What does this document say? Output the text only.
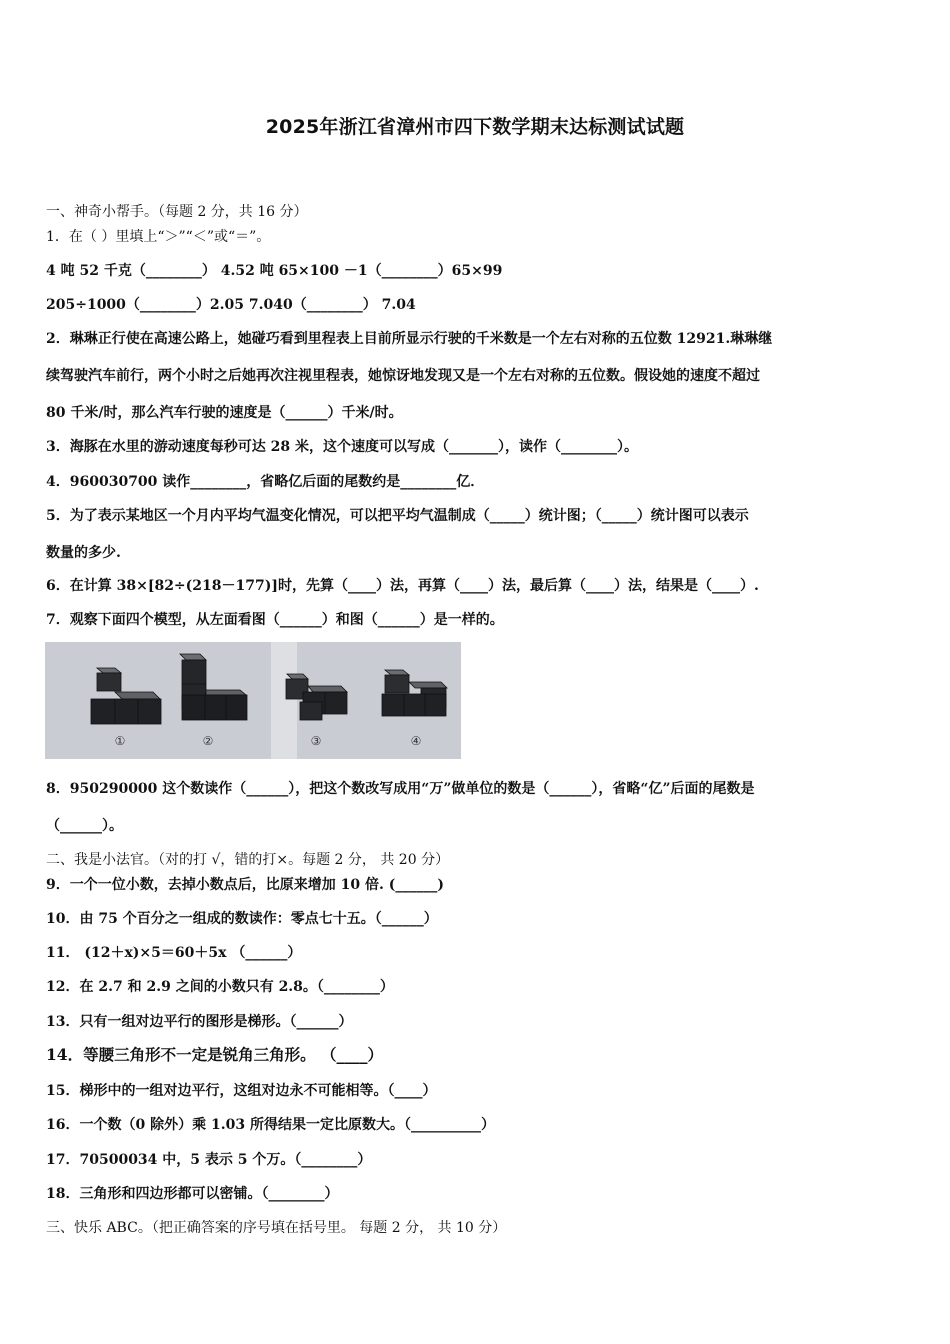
2025年浙江省漳州市四下数学期末达标测试试题
一、神奇小帮手。（每题 2 分，共 16 分）
1．在（ ）里填上“＞”“＜”或“＝”。
4 吨 52 千克（________） 4.52 吨 65×100 －1（________）65×99
205÷1000（________）2.05 7.040（________） 7.04
2．琳琳正行使在高速公路上，她碰巧看到里程表上目前所显示行驶的千米数是一个左右对称的五位数 12921.琳琳继
续驾驶汽车前行，两个小时之后她再次注视里程表，她惊讶地发现又是一个左右对称的五位数。假设她的速度不超过
80 千米/时，那么汽车行驶的速度是（______）千米/时。
3．海豚在水里的游动速度每秒可达 28 米，这个速度可以写成（_______），读作（________）。
4．960030700 读作________，省略亿后面的尾数约是________亿．
5．为了表示某地区一个月内平均气温变化情况，可以把平均气温制成（_____）统计图；（_____）统计图可以表示
数量的多少.
6．在计算 38×[82÷(218－177)]时，先算（____）法，再算（____）法，最后算（____）法，结果是（____）.
7．观察下面四个模型，从左面看图（______）和图（______）是一样的。
①	②	③	④
8．950290000 这个数读作（______），把这个数改写成用“万”做单位的数是（______），省略“亿”后面的尾数是
（______）。
二、我是小法官。（对的打 √，错的打×。每题 2 分， 共 20 分）
9．一个一位小数，去掉小数点后，比原来增加 10 倍. (______)
10．由 75 个百分之一组成的数读作：零点七十五。（______）
11． (12＋x)×5＝60＋5x （______）
12．在 2.7 和 2.9 之间的小数只有 2.8。（________）
13．只有一组对边平行的图形是梯形。（______）
14．等腰三角形不一定是锐角三角形。 （____）
15．梯形中的一组对边平行，这组对边永不可能相等。（____）
16．一个数（0 除外）乘 1.03 所得结果一定比原数大。（__________）
17．70500034 中，5 表示 5 个万。（________）
18．三角形和四边形都可以密铺。（________）
三、快乐 ABC。（把正确答案的序号填在括号里。 每题 2 分， 共 10 分）
